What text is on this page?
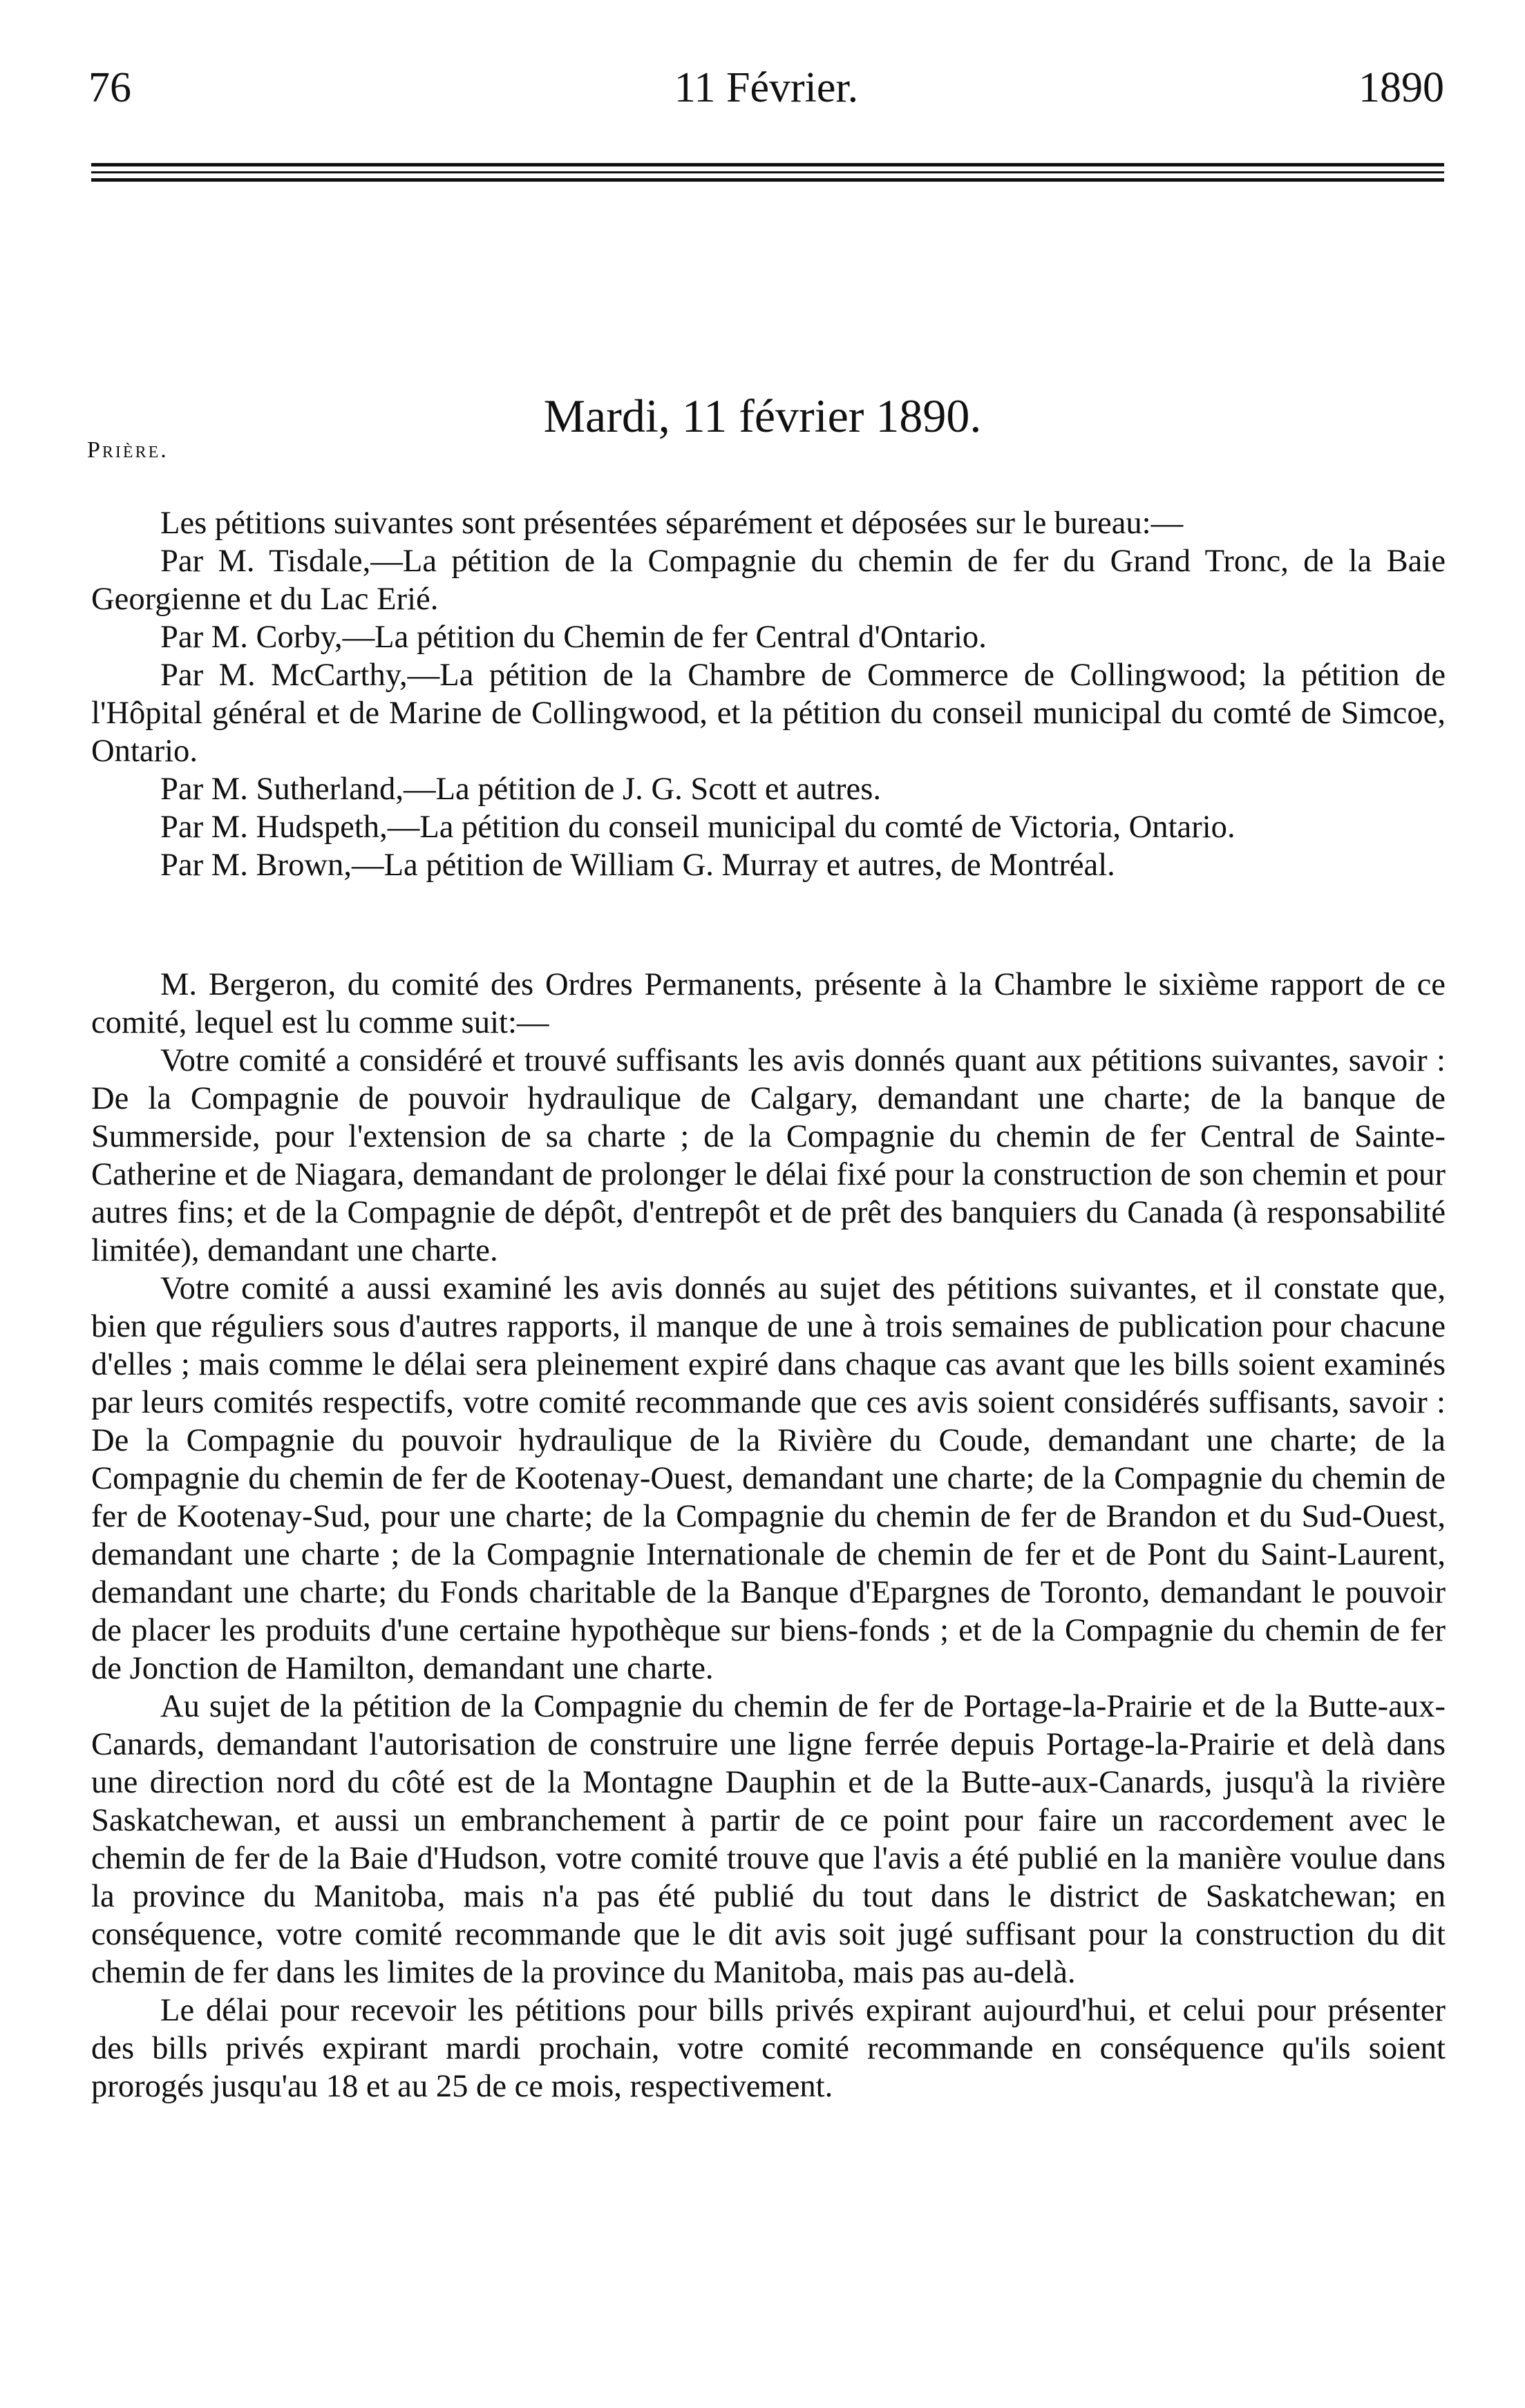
76	11 Février.	1890
Prière.
Mardi, 11 février 1890.

Les pétitions suivantes sont présentées séparément et déposées sur le bureau:—

Par M. Tisdale,—La pétition de la Compagnie du chemin de fer du Grand Tronc, de la Baie Georgienne et du Lac Erié.

Par M. Corby,—La pétition du Chemin de fer Central d'Ontario.

Par M. McCarthy,—La pétition de la Chambre de Commerce de Collingwood; la pétition de l'Hôpital général et de Marine de Collingwood, et la pétition du conseil municipal du comté de Simcoe, Ontario.

Par M. Sutherland,—La pétition de J. G. Scott et autres.

Par M. Hudspeth,—La pétition du conseil municipal du comté de Victoria, Ontario.

Par M. Brown,—La pétition de William G. Murray et autres, de Montréal.

M. Bergeron, du comité des Ordres Permanents, présente à la Chambre le sixième rapport de ce comité, lequel est lu comme suit:—

Votre comité a considéré et trouvé suffisants les avis donnés quant aux pétitions suivantes, savoir : De la Compagnie de pouvoir hydraulique de Calgary, demandant une charte; de la banque de Summerside, pour l'extension de sa charte ; de la Compagnie du chemin de fer Central de Sainte-Catherine et de Niagara, demandant de prolonger le délai fixé pour la construction de son chemin et pour autres fins; et de la Compagnie de dépôt, d'entrepôt et de prêt des banquiers du Canada (à responsabilité limitée), demandant une charte.

Votre comité a aussi examiné les avis donnés au sujet des pétitions suivantes, et il constate que, bien que réguliers sous d'autres rapports, il manque de une à trois semaines de publication pour chacune d'elles ; mais comme le délai sera pleinement expiré dans chaque cas avant que les bills soient examinés par leurs comités respectifs, votre comité recommande que ces avis soient considérés suffisants, savoir : De la Compagnie du pouvoir hydraulique de la Rivière du Coude, demandant une charte; de la Compagnie du chemin de fer de Kootenay-Ouest, demandant une charte; de la Compagnie du chemin de fer de Kootenay-Sud, pour une charte; de la Compagnie du chemin de fer de Brandon et du Sud-Ouest, demandant une charte ; de la Compagnie Internationale de chemin de fer et de Pont du Saint-Laurent, demandant une charte; du Fonds charitable de la Banque d'Epargnes de Toronto, demandant le pouvoir de placer les produits d'une certaine hypothèque sur biens-fonds ; et de la Compagnie du chemin de fer de Jonction de Hamilton, demandant une charte.

Au sujet de la pétition de la Compagnie du chemin de fer de Portage-la-Prairie et de la Butte-aux-Canards, demandant l'autorisation de construire une ligne ferrée depuis Portage-la-Prairie et delà dans une direction nord du côté est de la Montagne Dauphin et de la Butte-aux-Canards, jusqu'à la rivière Saskatchewan, et aussi un embranchement à partir de ce point pour faire un raccordement avec le chemin de fer de la Baie d'Hudson, votre comité trouve que l'avis a été publié en la manière voulue dans la province du Manitoba, mais n'a pas été publié du tout dans le district de Saskatchewan; en conséquence, votre comité recommande que le dit avis soit jugé suffisant pour la construction du dit chemin de fer dans les limites de la province du Manitoba, mais pas au-delà.

Le délai pour recevoir les pétitions pour bills privés expirant aujourd'hui, et celui pour présenter des bills privés expirant mardi prochain, votre comité recommande en conséquence qu'ils soient prorogés jusqu'au 18 et au 25 de ce mois, respectivement.
